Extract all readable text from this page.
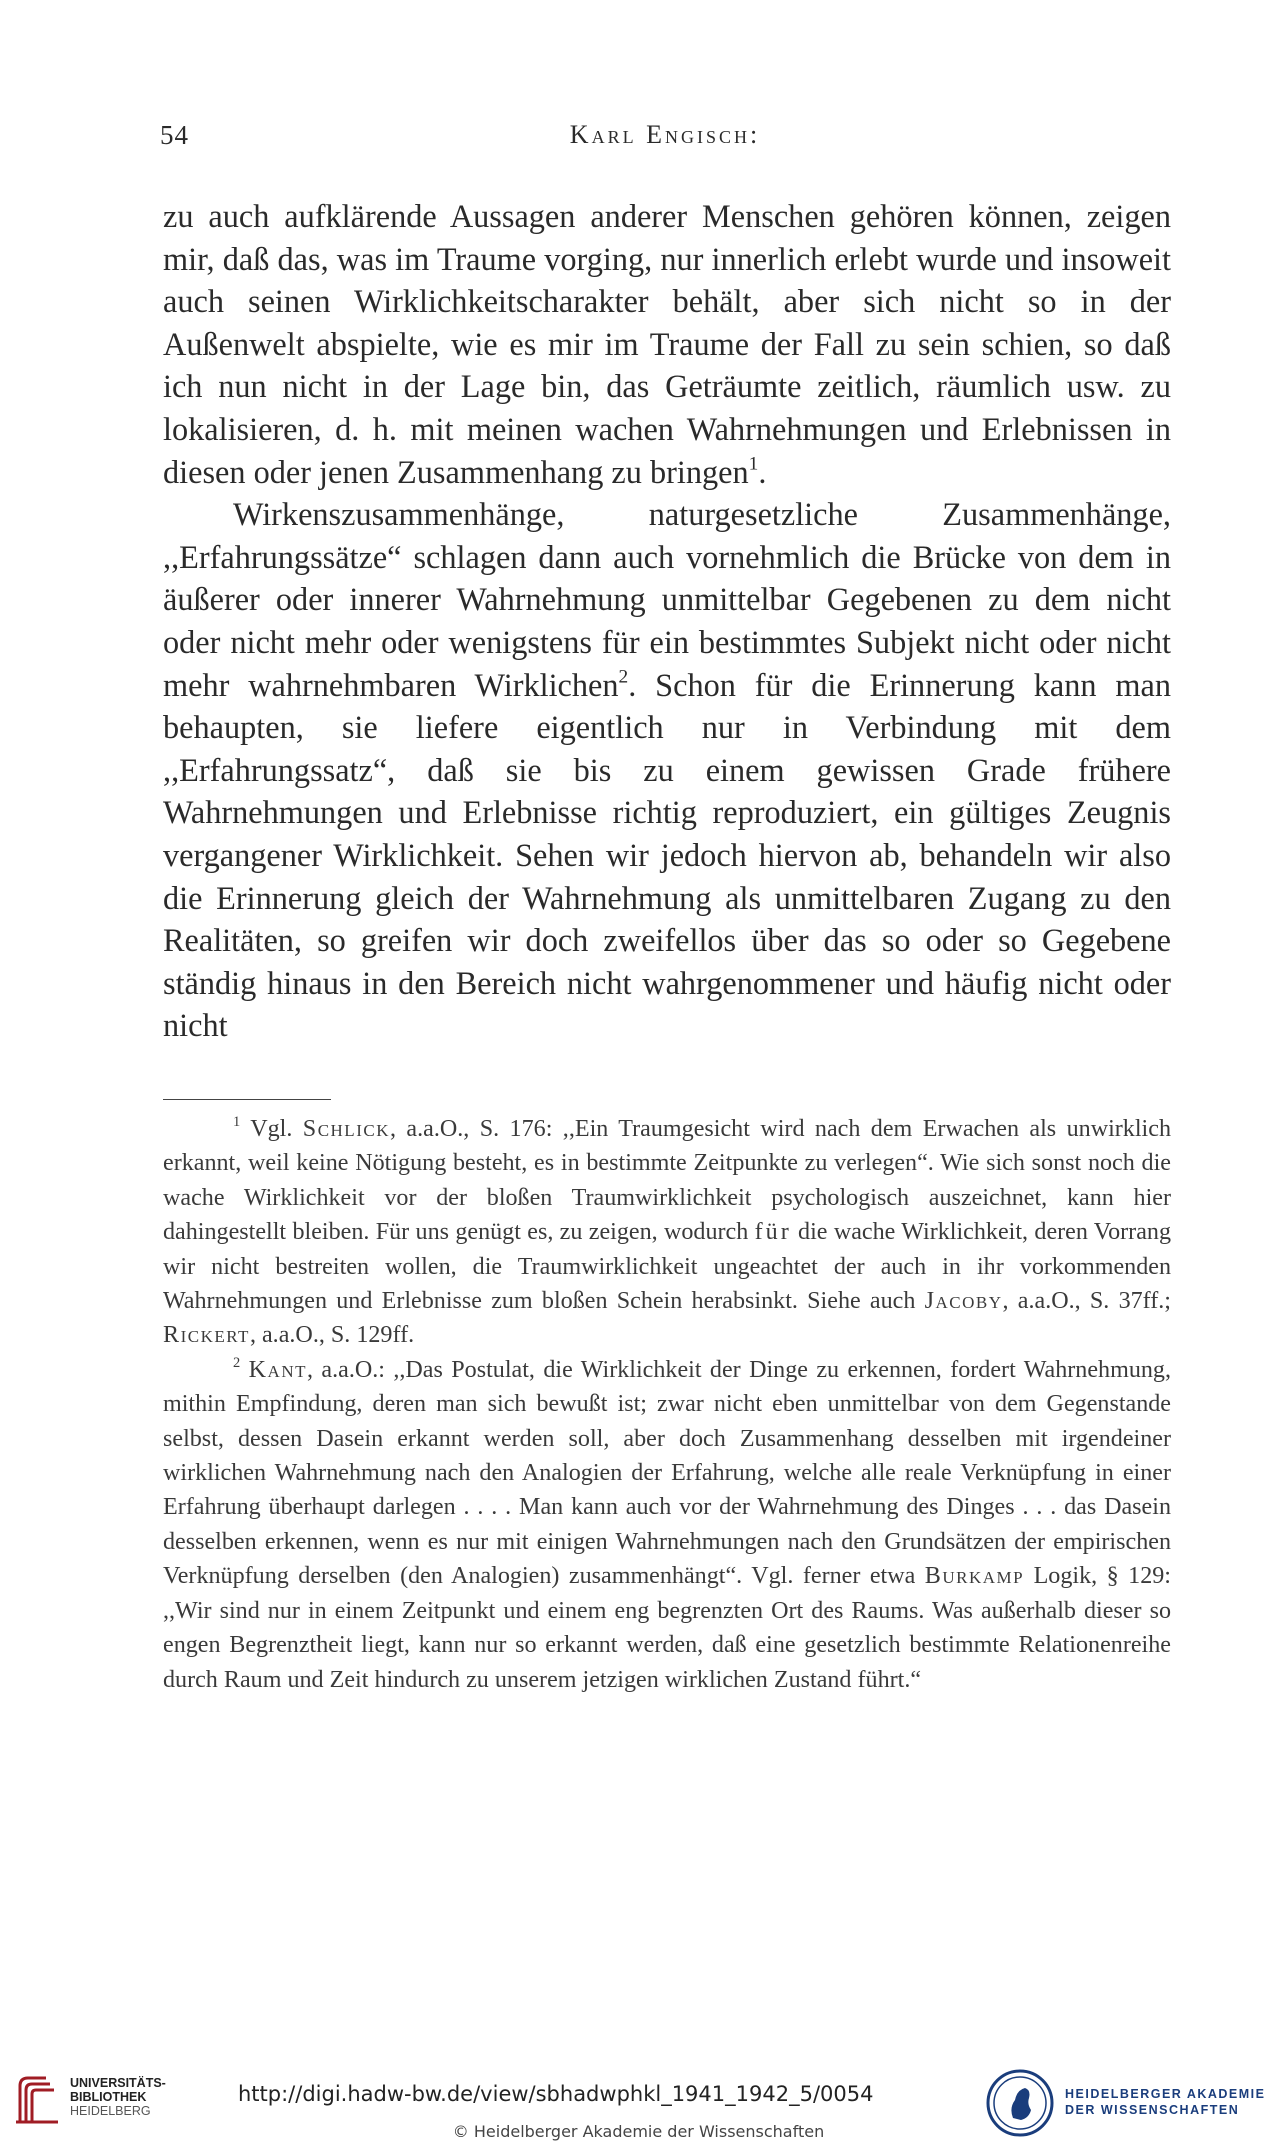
54	Karl Engisch:

zu auch aufklärende Aussagen anderer Menschen gehören können, zeigen mir, daß das, was im Traume vorging, nur innerlich erlebt wurde und insoweit auch seinen Wirklichkeitscharakter behält, aber sich nicht so in der Außenwelt abspielte, wie es mir im Traume der Fall zu sein schien, so daß ich nun nicht in der Lage bin, das Geträumte zeitlich, räumlich usw. zu lokalisieren, d. h. mit meinen wachen Wahrnehmungen und Erlebnissen in diesen oder jenen Zusammenhang zu bringen$^1$.

Wirkenszusammenhänge, naturgesetzliche Zusammenhänge, ,,Erfahrungssätze“ schlagen dann auch vornehmlich die Brücke von dem in äußerer oder innerer Wahrnehmung unmittelbar Gegebenen zu dem nicht oder nicht mehr oder wenigstens für ein bestimmtes Subjekt nicht oder nicht mehr wahrnehmbaren Wirklichen$^2$. Schon für die Erinnerung kann man behaupten, sie liefere eigentlich nur in Verbindung mit dem ,,Erfahrungssatz“, daß sie bis zu einem gewissen Grade frühere Wahrnehmungen und Erlebnisse richtig reproduziert, ein gültiges Zeugnis vergangener Wirklichkeit. Sehen wir jedoch hiervon ab, behandeln wir also die Erinnerung gleich der Wahrnehmung als unmittelbaren Zugang zu den Realitäten, so greifen wir doch zweifellos über das so oder so Gegebene ständig hinaus in den Bereich nicht wahrgenommener und häufig nicht oder nicht

$^1$ Vgl. Schlick, a.a.O., S. 176: ,,Ein Traumgesicht wird nach dem Erwachen als unwirklich erkannt, weil keine Nötigung besteht, es in bestimmte Zeitpunkte zu verlegen“. Wie sich sonst noch die wache Wirklichkeit vor der bloßen Traumwirklichkeit psychologisch auszeichnet, kann hier dahingestellt bleiben. Für uns genügt es, zu zeigen, wodurch für die wache Wirklichkeit, deren Vorrang wir nicht bestreiten wollen, die Traumwirklichkeit ungeachtet der auch in ihr vorkommenden Wahrnehmungen und Erlebnisse zum bloßen Schein herabsinkt. Siehe auch Jacoby, a.a.O., S. 37ff.; Rickert, a.a.O., S. 129ff.

$^2$ Kant, a.a.O.: ,,Das Postulat, die Wirklichkeit der Dinge zu erkennen, fordert Wahrnehmung, mithin Empfindung, deren man sich bewußt ist; zwar nicht eben unmittelbar von dem Gegenstande selbst, dessen Dasein erkannt werden soll, aber doch Zusammenhang desselben mit irgendeiner wirklichen Wahrnehmung nach den Analogien der Erfahrung, welche alle reale Verknüpfung in einer Erfahrung überhaupt darlegen . . . . Man kann auch vor der Wahrnehmung des Dinges . . . das Dasein desselben erkennen, wenn es nur mit einigen Wahrnehmungen nach den Grundsätzen der empirischen Verknüpfung derselben (den Analogien) zusammenhängt“. Vgl. ferner etwa Burkamp Logik, § 129: ,,Wir sind nur in einem Zeitpunkt und einem eng begrenzten Ort des Raums. Was außerhalb dieser so engen Begrenztheit liegt, kann nur so erkannt werden, daß eine gesetzlich bestimmte Relationenreihe durch Raum und Zeit hindurch zu unserem jetzigen wirklichen Zustand führt.“

UNIVERSITÄTS-
BIBLIOTHEK
HEIDELBERG
http://digi.hadw-bw.de/view/sbhadwphkl_1941_1942_5/0054
© Heidelberger Akademie der Wissenschaften
HEIDELBERGER AKADEMIE
DER WISSENSCHAFTEN
